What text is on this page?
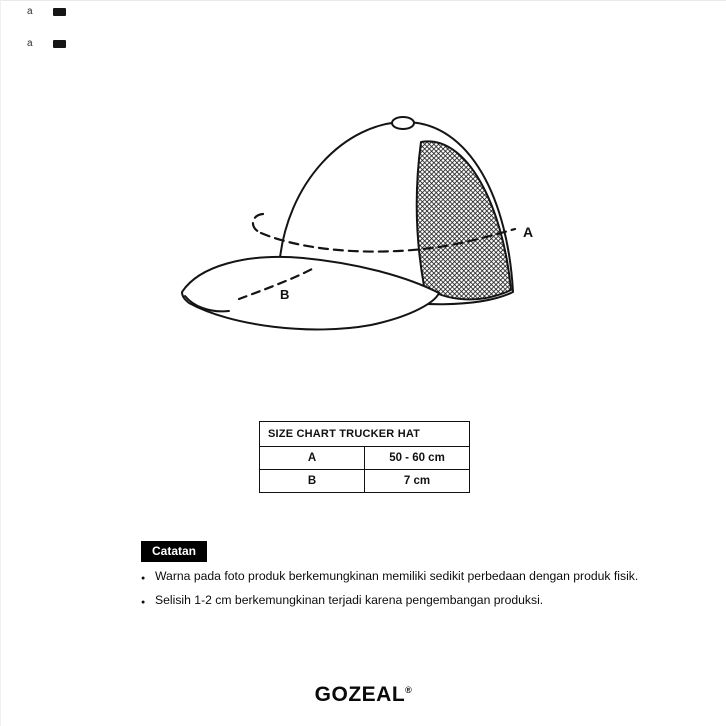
a
a
A
B
SIZE CHART TRUCKER HAT	
A	50 - 60 cm
B	7 cm
Catatan
● Warna pada foto produk berkemungkinan memiliki sedikit perbedaan dengan produk fisik.
● Selisih 1-2 cm berkemungkinan terjadi karena pengembangan produksi.
GOZEAL®
